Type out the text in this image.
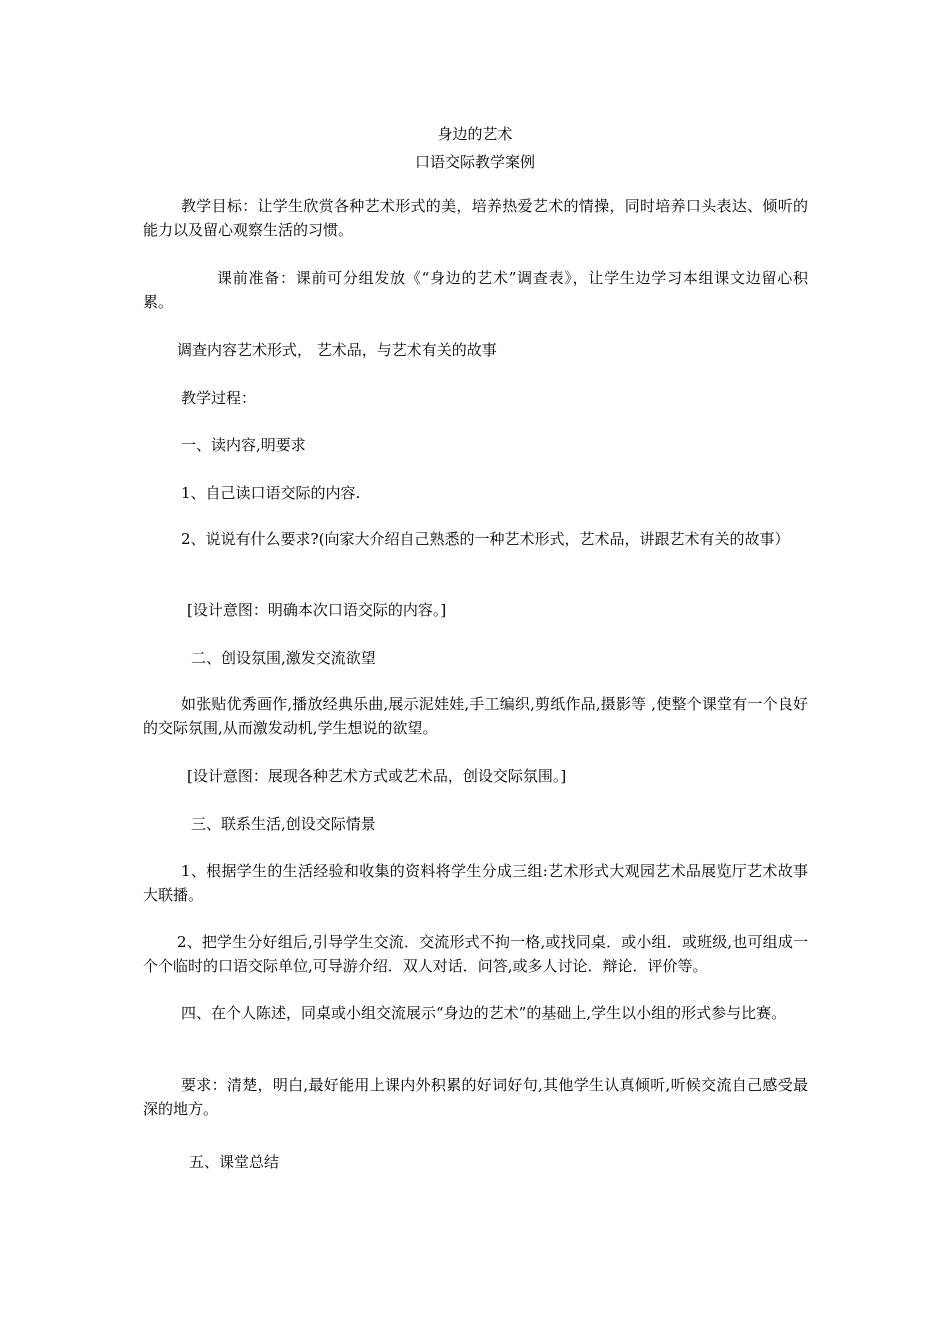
身边的艺术
口语交际教学案例
教学目标：让学生欣赏各种艺术形式的美，培养热爱艺术的情操，同时培养口头表达、倾听的能力以及留心观察生活的习惯。
课前准备：课前可分组发放《“身边的艺术”调查表》，让学生边学习本组课文边留心积累。
调查内容艺术形式， 艺术品，与艺术有关的故事
教学过程：
一、读内容,明要求
1、自己读口语交际的内容.
2、说说有什么要求?(向家大介绍自己熟悉的一种艺术形式，艺术品，讲跟艺术有关的故事）
[设计意图：明确本次口语交际的内容。]
二、创设氛围,激发交流欲望
如张贴优秀画作,播放经典乐曲,展示泥娃娃,手工编织,剪纸作品,摄影等 ,使整个课堂有一个良好的交际氛围,从而激发动机,学生想说的欲望。
[设计意图：展现各种艺术方式或艺术品，创设交际氛围。]
三、联系生活,创设交际情景
1、根据学生的生活经验和收集的资料将学生分成三组:艺术形式大观园艺术品展览厅艺术故事大联播。
2、把学生分好组后,引导学生交流．交流形式不拘一格,或找同桌．或小组．或班级,也可组成一个个临时的口语交际单位,可导游介绍．双人对话．问答,或多人讨论．辩论．评价等。
四、在个人陈述，同桌或小组交流展示“身边的艺术”的基础上,学生以小组的形式参与比赛。
要求：清楚，明白,最好能用上课内外积累的好词好句,其他学生认真倾听,听候交流自己感受最深的地方。
五、课堂总结
